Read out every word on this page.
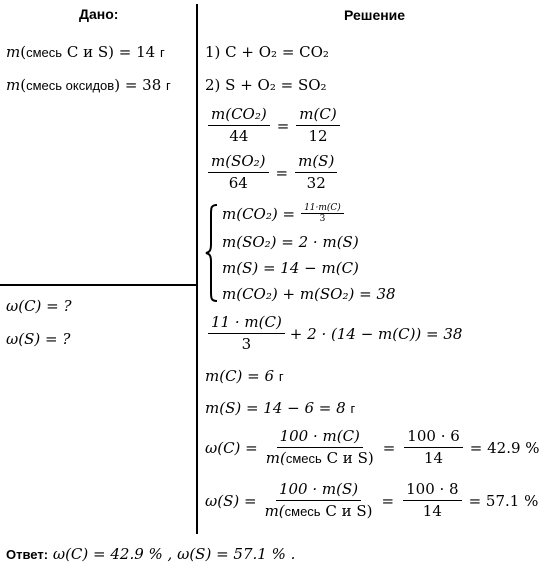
Дано:	Решение
m(смесь C и S) = 14 г
m(смесь оксидов) = 38 г
ω(C) = ?
ω(S) = ?
1) C + O₂ = CO₂
2) S + O₂ = SO₂
$\frac{\text{m(CO₂)}}{44} = \frac{m(C)}{12}$
$\frac{\text{m(SO₂)}}{64} = \frac{m(S)}{32}$
$m(CO_2) = \frac{11\cdot m(C)}{3}$
m(SO₂) = 2 · m(S)
m(S) = 14 − m(C)
m(CO₂) + m(SO₂) = 38
$\frac{11 \cdot m(C)}{3} + 2 \cdot (14 - m(C)) = 38$
m(C) = 6 г
m(S) = 14 − 6 = 8 г
$\omega(C) = \frac{100 \cdot m(C)}{\text{m(смесь C и S)}} = \frac{100 \cdot 6}{14} = 42.9$ %
$\omega(S) = \frac{100 \cdot m(S)}{\text{m(смесь C и S)}} = \frac{100 \cdot 8}{14} = 57.1$ %
Ответ: ω(C) = 42.9 % , ω(S) = 57.1 % .
